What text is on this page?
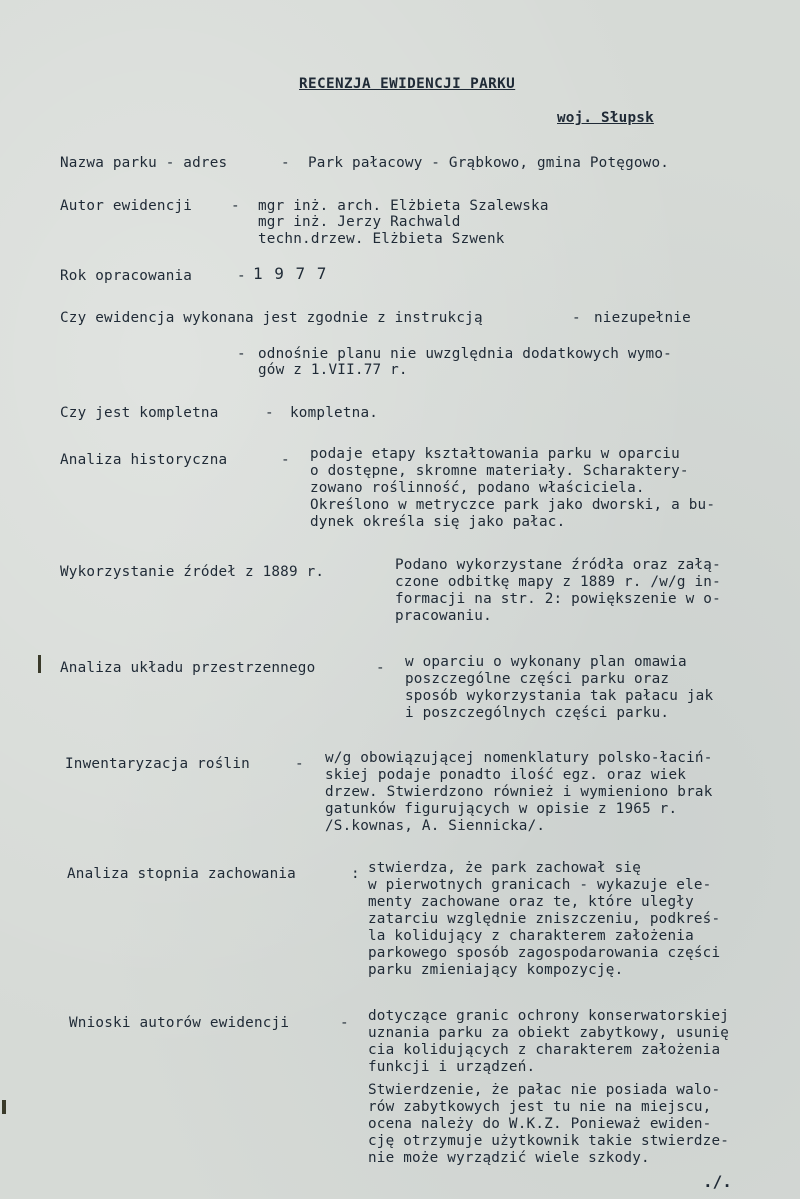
RECENZJA EWIDENCJI PARKU
woj. Słupsk
Nazwa parku - adres	- Park pałacowy - Grąbkowo, gmina Potęgowo.
Autor ewidencji	- mgr inż. arch. Elżbieta Szalewska
mgr inż. Jerzy Rachwald
techn.drzew. Elżbieta Szwenk
Rok opracowania	- 1 9 7 7
Czy ewidencja wykonana jest zgodnie z instrukcją	- niezupełnie
- odnośnie planu nie uwzględnia dodatkowych wymo-
gów z 1.VII.77 r.
Czy jest kompletna	- kompletna.
Analiza historyczna	- podaje etapy kształtowania parku w oparciu
o dostępne, skromne materiały. Scharaktery-
zowano roślinność, podano właściciela.
Określono w metryczce park jako dworski, a bu-
dynek określa się jako pałac.
Wykorzystanie źródeł z 1889 r.	Podano wykorzystane źródła oraz załą-
czone odbitkę mapy z 1889 r. /w/g in-
formacji na str. 2: powiększenie w o-
pracowaniu.
Analiza układu przestrzennego	- w oparciu o wykonany plan omawia
poszczególne części parku oraz
sposób wykorzystania tak pałacu jak
i poszczególnych części parku.
Inwentaryzacja roślin	- w/g obowiązującej nomenklatury polsko-łaciń-
skiej podaje ponadto ilość egz. oraz wiek
drzew. Stwierdzono również i wymieniono brak
gatunków figurujących w opisie z 1965 r.
/S.kownas, A. Siennicka/.
Analiza stopnia zachowania	: stwierdza, że park zachował się
w pierwotnych granicach - wykazuje ele-
menty zachowane oraz te, które uległy
zatarciu względnie zniszczeniu, podkreś-
la kolidujący z charakterem założenia
parkowego sposób zagospodarowania części
parku zmieniający kompozycję.
Wnioski autorów ewidencji	- dotyczące granic ochrony konserwatorskiej
uznania parku za obiekt zabytkowy, usunię
cia kolidujących z charakterem założenia
funkcji i urządzeń.
Stwierdzenie, że pałac nie posiada walo-
rów zabytkowych jest tu nie na miejscu,
ocena należy do W.K.Z. Ponieważ ewiden-
cję otrzymuje użytkownik takie stwierdze-
nie może wyrządzić wiele szkody.
./.
